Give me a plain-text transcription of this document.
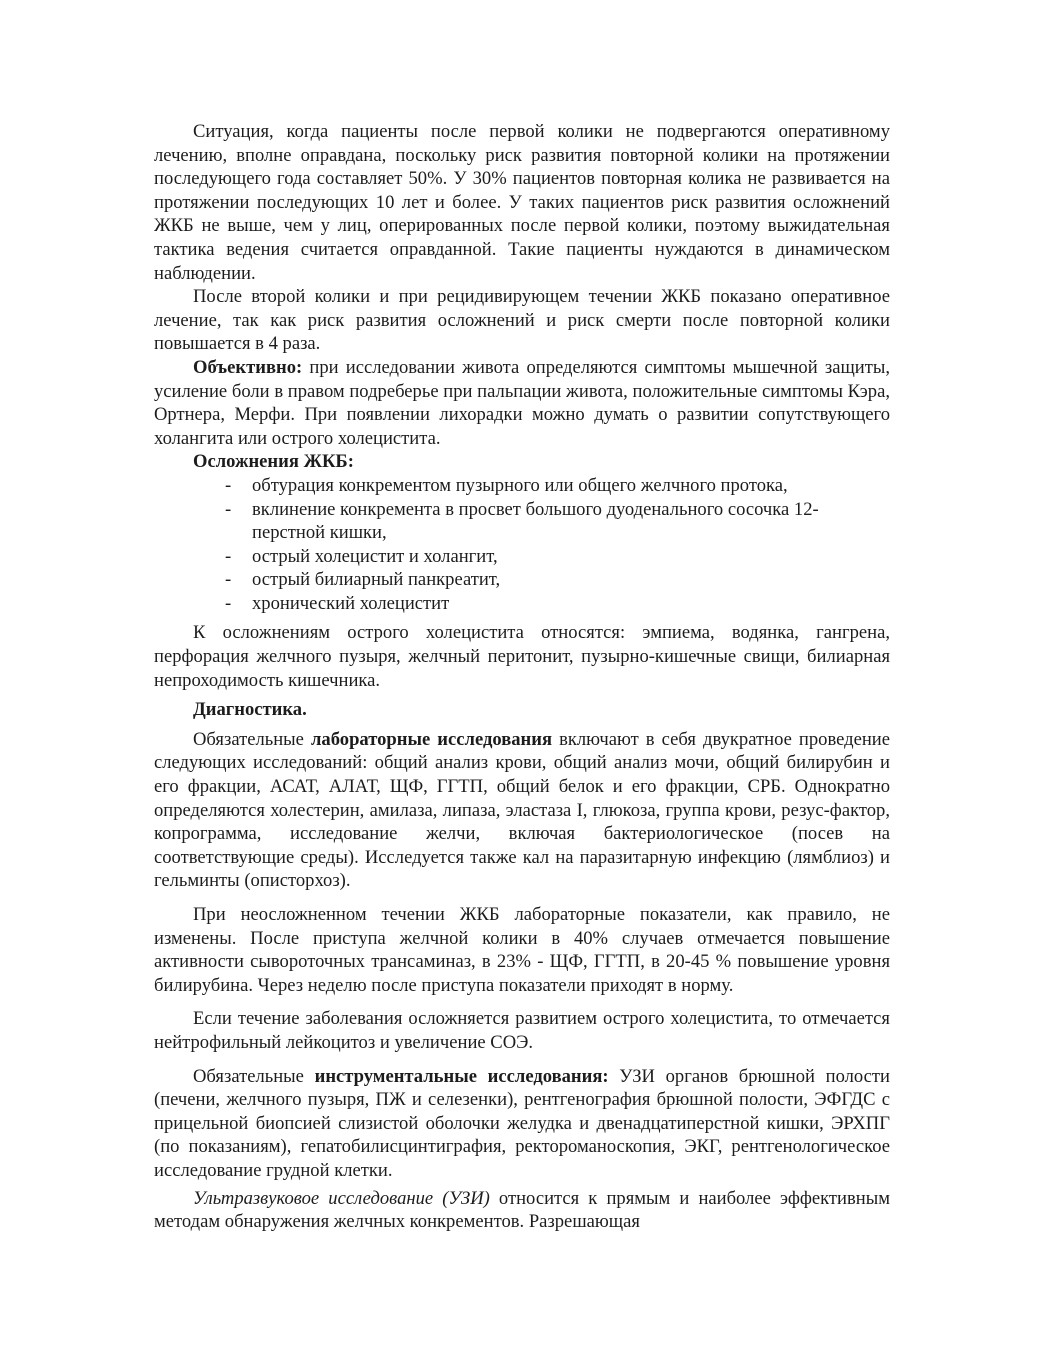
Ситуация, когда пациенты после первой колики не подвергаются оперативному лечению, вполне оправдана, поскольку риск развития повторной колики на протяжении последующего года составляет 50%. У 30% пациентов повторная колика не развивается на протяжении последующих 10 лет и более. У таких пациентов риск развития осложнений ЖКБ не выше, чем у лиц, оперированных после первой колики, поэтому выжидательная тактика ведения считается оправданной. Такие пациенты нуждаются в динамическом наблюдении.

После второй колики и при рецидивирующем течении ЖКБ показано оперативное лечение, так как риск развития осложнений и риск смерти после повторной колики повышается в 4 раза.

Объективно: при исследовании живота определяются симптомы мышечной защиты, усиление боли в правом подреберье при пальпации живота, положительные симптомы Кэра, Ортнера, Мерфи. При появлении лихорадки можно думать о развитии сопутствующего холангита или острого холецистита.

Осложнения ЖКБ:
- обтурация конкрементом пузырного или общего желчного протока,
- вклинение конкремента в просвет большого дуоденального сосочка 12-перстной кишки,
- острый холецистит и холангит,
- острый билиарный панкреатит,
- хронический холецистит

К осложнениям острого холецистита относятся: эмпиема, водянка, гангрена, перфорация желчного пузыря, желчный перитонит, пузырно-кишечные свищи, билиарная непроходимость кишечника.

Диагностика.

Обязательные лабораторные исследования включают в себя двукратное проведение следующих исследований: общий анализ крови, общий анализ мочи, общий билирубин и его фракции, АСАТ, АЛАТ, ЩФ, ГГТП, общий белок и его фракции, СРБ. Однократно определяются холестерин, амилаза, липаза, эластаза I, глюкоза, группа крови, резус-фактор, копрограмма, исследование желчи, включая бактериологическое (посев на соответствующие среды). Исследуется также кал на паразитарную инфекцию (лямблиоз) и гельминты (описторхоз).

При неосложненном течении ЖКБ лабораторные показатели, как правило, не изменены. После приступа желчной колики в 40% случаев отмечается повышение активности сывороточных трансаминаз, в 23% - ЩФ, ГГТП, в 20-45 % повышение уровня билирубина. Через неделю после приступа показатели приходят в норму.

Если течение заболевания осложняется развитием острого холецистита, то отмечается нейтрофильный лейкоцитоз и увеличение СОЭ.

Обязательные инструментальные исследования: УЗИ органов брюшной полости (печени, желчного пузыря, ПЖ и селезенки), рентгенография брюшной полости, ЭФГДС с прицельной биопсией слизистой оболочки желудка и двенадцатиперстной кишки, ЭРХПГ (по показаниям), гепатобилисцинтиграфия, ректороманоскопия, ЭКГ, рентгенологическое исследование грудной клетки.

Ультразвуковое исследование (УЗИ) относится к прямым и наиболее эффективным методам обнаружения желчных конкрементов. Разрешающая
